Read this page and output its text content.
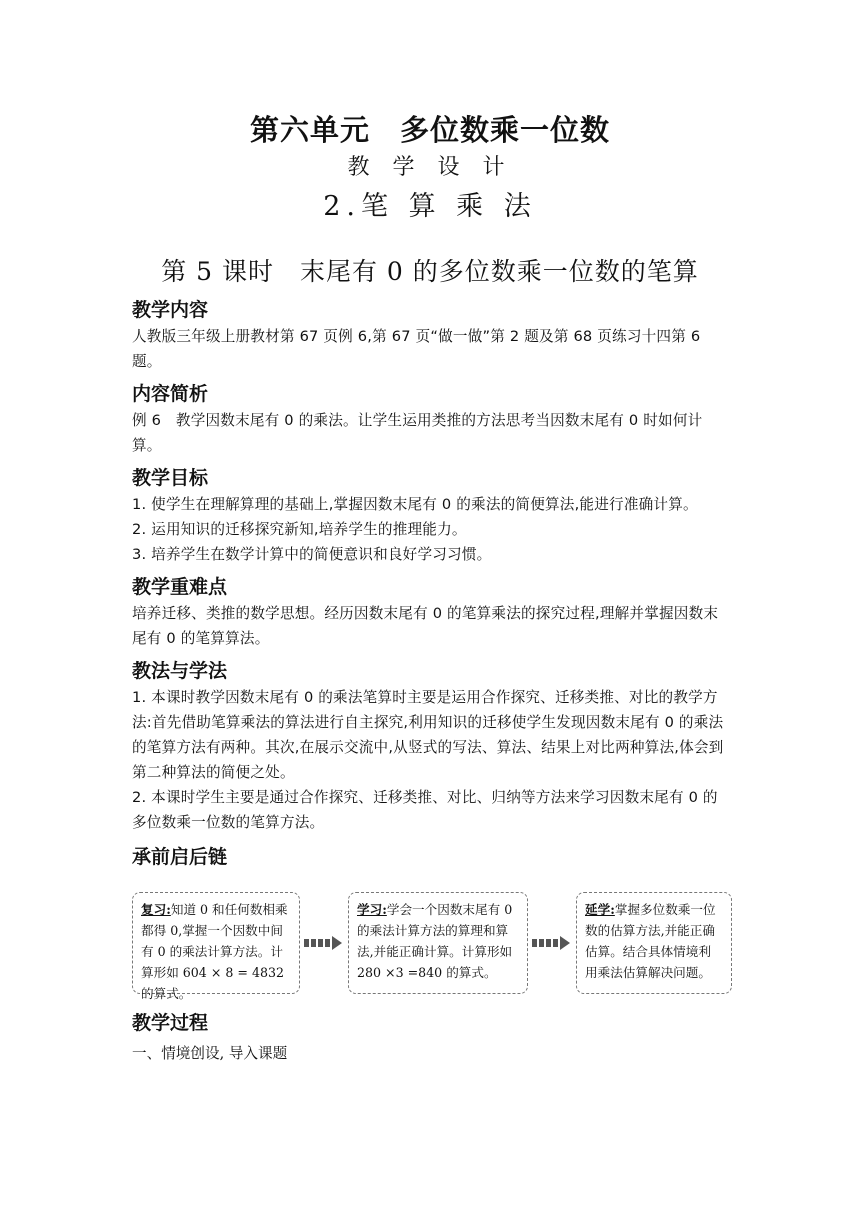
第六单元　多位数乘一位数
教 学 设 计
2.笔 算 乘 法
第 5 课时　末尾有 0 的多位数乘一位数的笔算

教学内容

人教版三年级上册教材第 67 页例 6,第 67 页“做一做”第 2 题及第 68 页练习十四第 6 题。

内容简析

例 6　教学因数末尾有 0 的乘法。让学生运用类推的方法思考当因数末尾有 0 时如何计算。

教学目标

1. 使学生在理解算理的基础上,掌握因数末尾有 0 的乘法的简便算法,能进行准确计算。

2. 运用知识的迁移探究新知,培养学生的推理能力。

3. 培养学生在数学计算中的简便意识和良好学习习惯。

教学重难点

培养迁移、类推的数学思想。经历因数末尾有 0 的笔算乘法的探究过程,理解并掌握因数末尾有 0 的笔算算法。

教法与学法

1. 本课时教学因数末尾有 0 的乘法笔算时主要是运用合作探究、迁移类推、对比的教学方法:首先借助笔算乘法的算法进行自主探究,利用知识的迁移使学生发现因数末尾有 0 的乘法的笔算方法有两种。其次,在展示交流中,从竖式的写法、算法、结果上对比两种算法,体会到第二种算法的简便之处。

2. 本课时学生主要是通过合作探究、迁移类推、对比、归纳等方法来学习因数末尾有 0 的多位数乘一位数的笔算方法。

承前启后链

复习:知道 0 和任何数相乘都得 0,掌握一个因数中间有 0 的乘法计算方法。计算形如 604 × 8 = 4832 的算式。
学习:学会一个因数末尾有 0 的乘法计算方法的算理和算法,并能正确计算。计算形如 280 ×3 =840 的算式。
延学:掌握多位数乘一位数的估算方法,并能正确估算。结合具体情境利用乘法估算解决问题。
教学过程
一、情境创设, 导入课题
